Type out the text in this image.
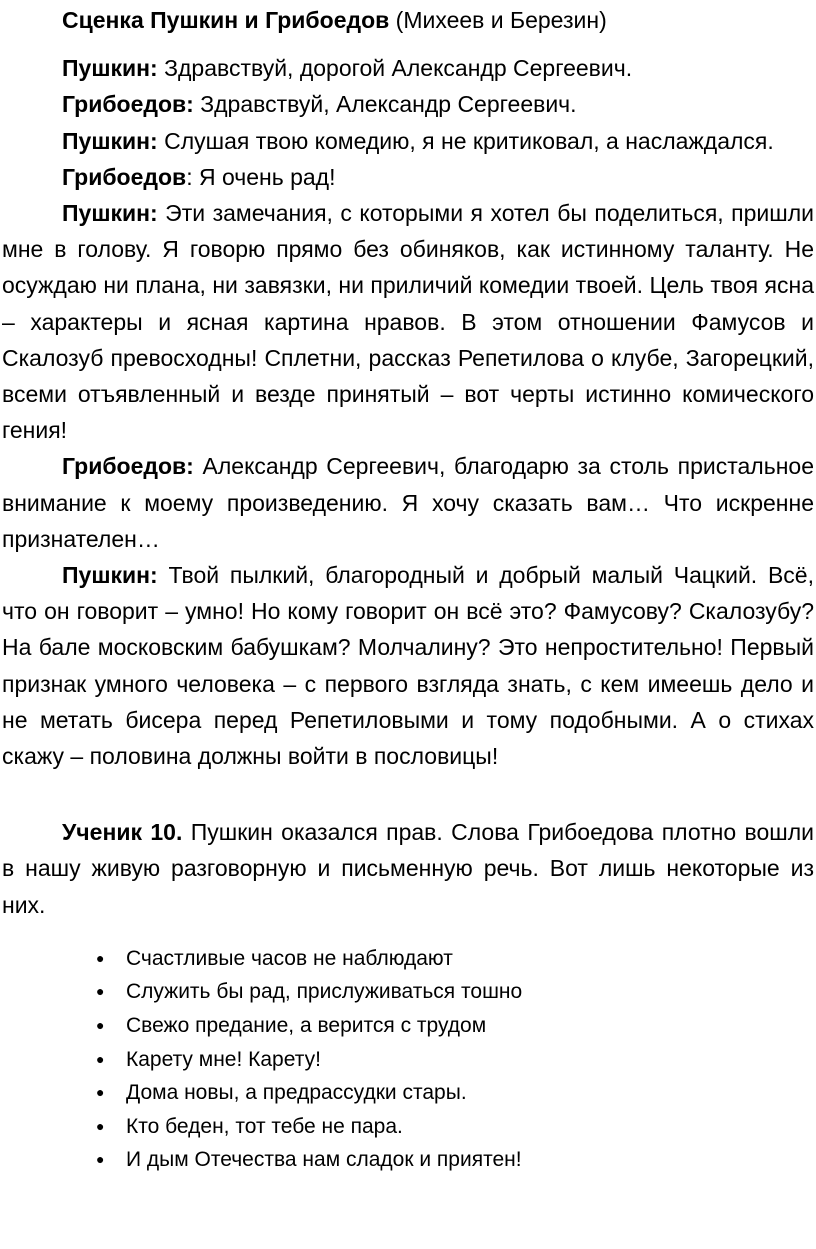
Сценка Пушкин и Грибоедов (Михеев и Березин)

Пушкин: Здравствуй, дорогой Александр Сергеевич.

Грибоедов: Здравствуй, Александр Сергеевич.

Пушкин: Слушая твою комедию, я не критиковал, а наслаждался.

Грибоедов: Я очень рад!

Пушкин: Эти замечания, с которыми я хотел бы поделиться, пришли мне в голову. Я говорю прямо без обиняков, как истинному таланту. Не осуждаю ни плана, ни завязки, ни приличий комедии твоей. Цель твоя ясна – характеры и ясная картина нравов. В этом отношении Фамусов и Скалозуб превосходны! Сплетни, рассказ Репетилова о клубе, Загорецкий, всеми отъявленный и везде принятый – вот черты истинно комического гения!

Грибоедов: Александр Сергеевич, благодарю за столь пристальное внимание к моему произведению. Я хочу сказать вам… Что искренне признателен…

Пушкин: Твой пылкий, благородный и добрый малый Чацкий. Всё, что он говорит – умно! Но кому говорит он всё это? Фамусову? Скалозубу? На бале московским бабушкам? Молчалину? Это непростительно! Первый признак умного человека – с первого взгляда знать, с кем имеешь дело и не метать бисера перед Репетиловыми и тому подобными. А о стихах скажу – половина должны войти в пословицы!

Ученик 10. Пушкин оказался прав. Слова Грибоедова плотно вошли в нашу живую разговорную и письменную речь. Вот лишь некоторые из них.

● Счастливые часов не наблюдают
● Служить бы рад, прислуживаться тошно
● Свежо предание, а верится с трудом
● Карету мне! Карету!
● Дома новы, а предрассудки стары.
● Кто беден, тот тебе не пара.
● И дым Отечества нам сладок и приятен!
